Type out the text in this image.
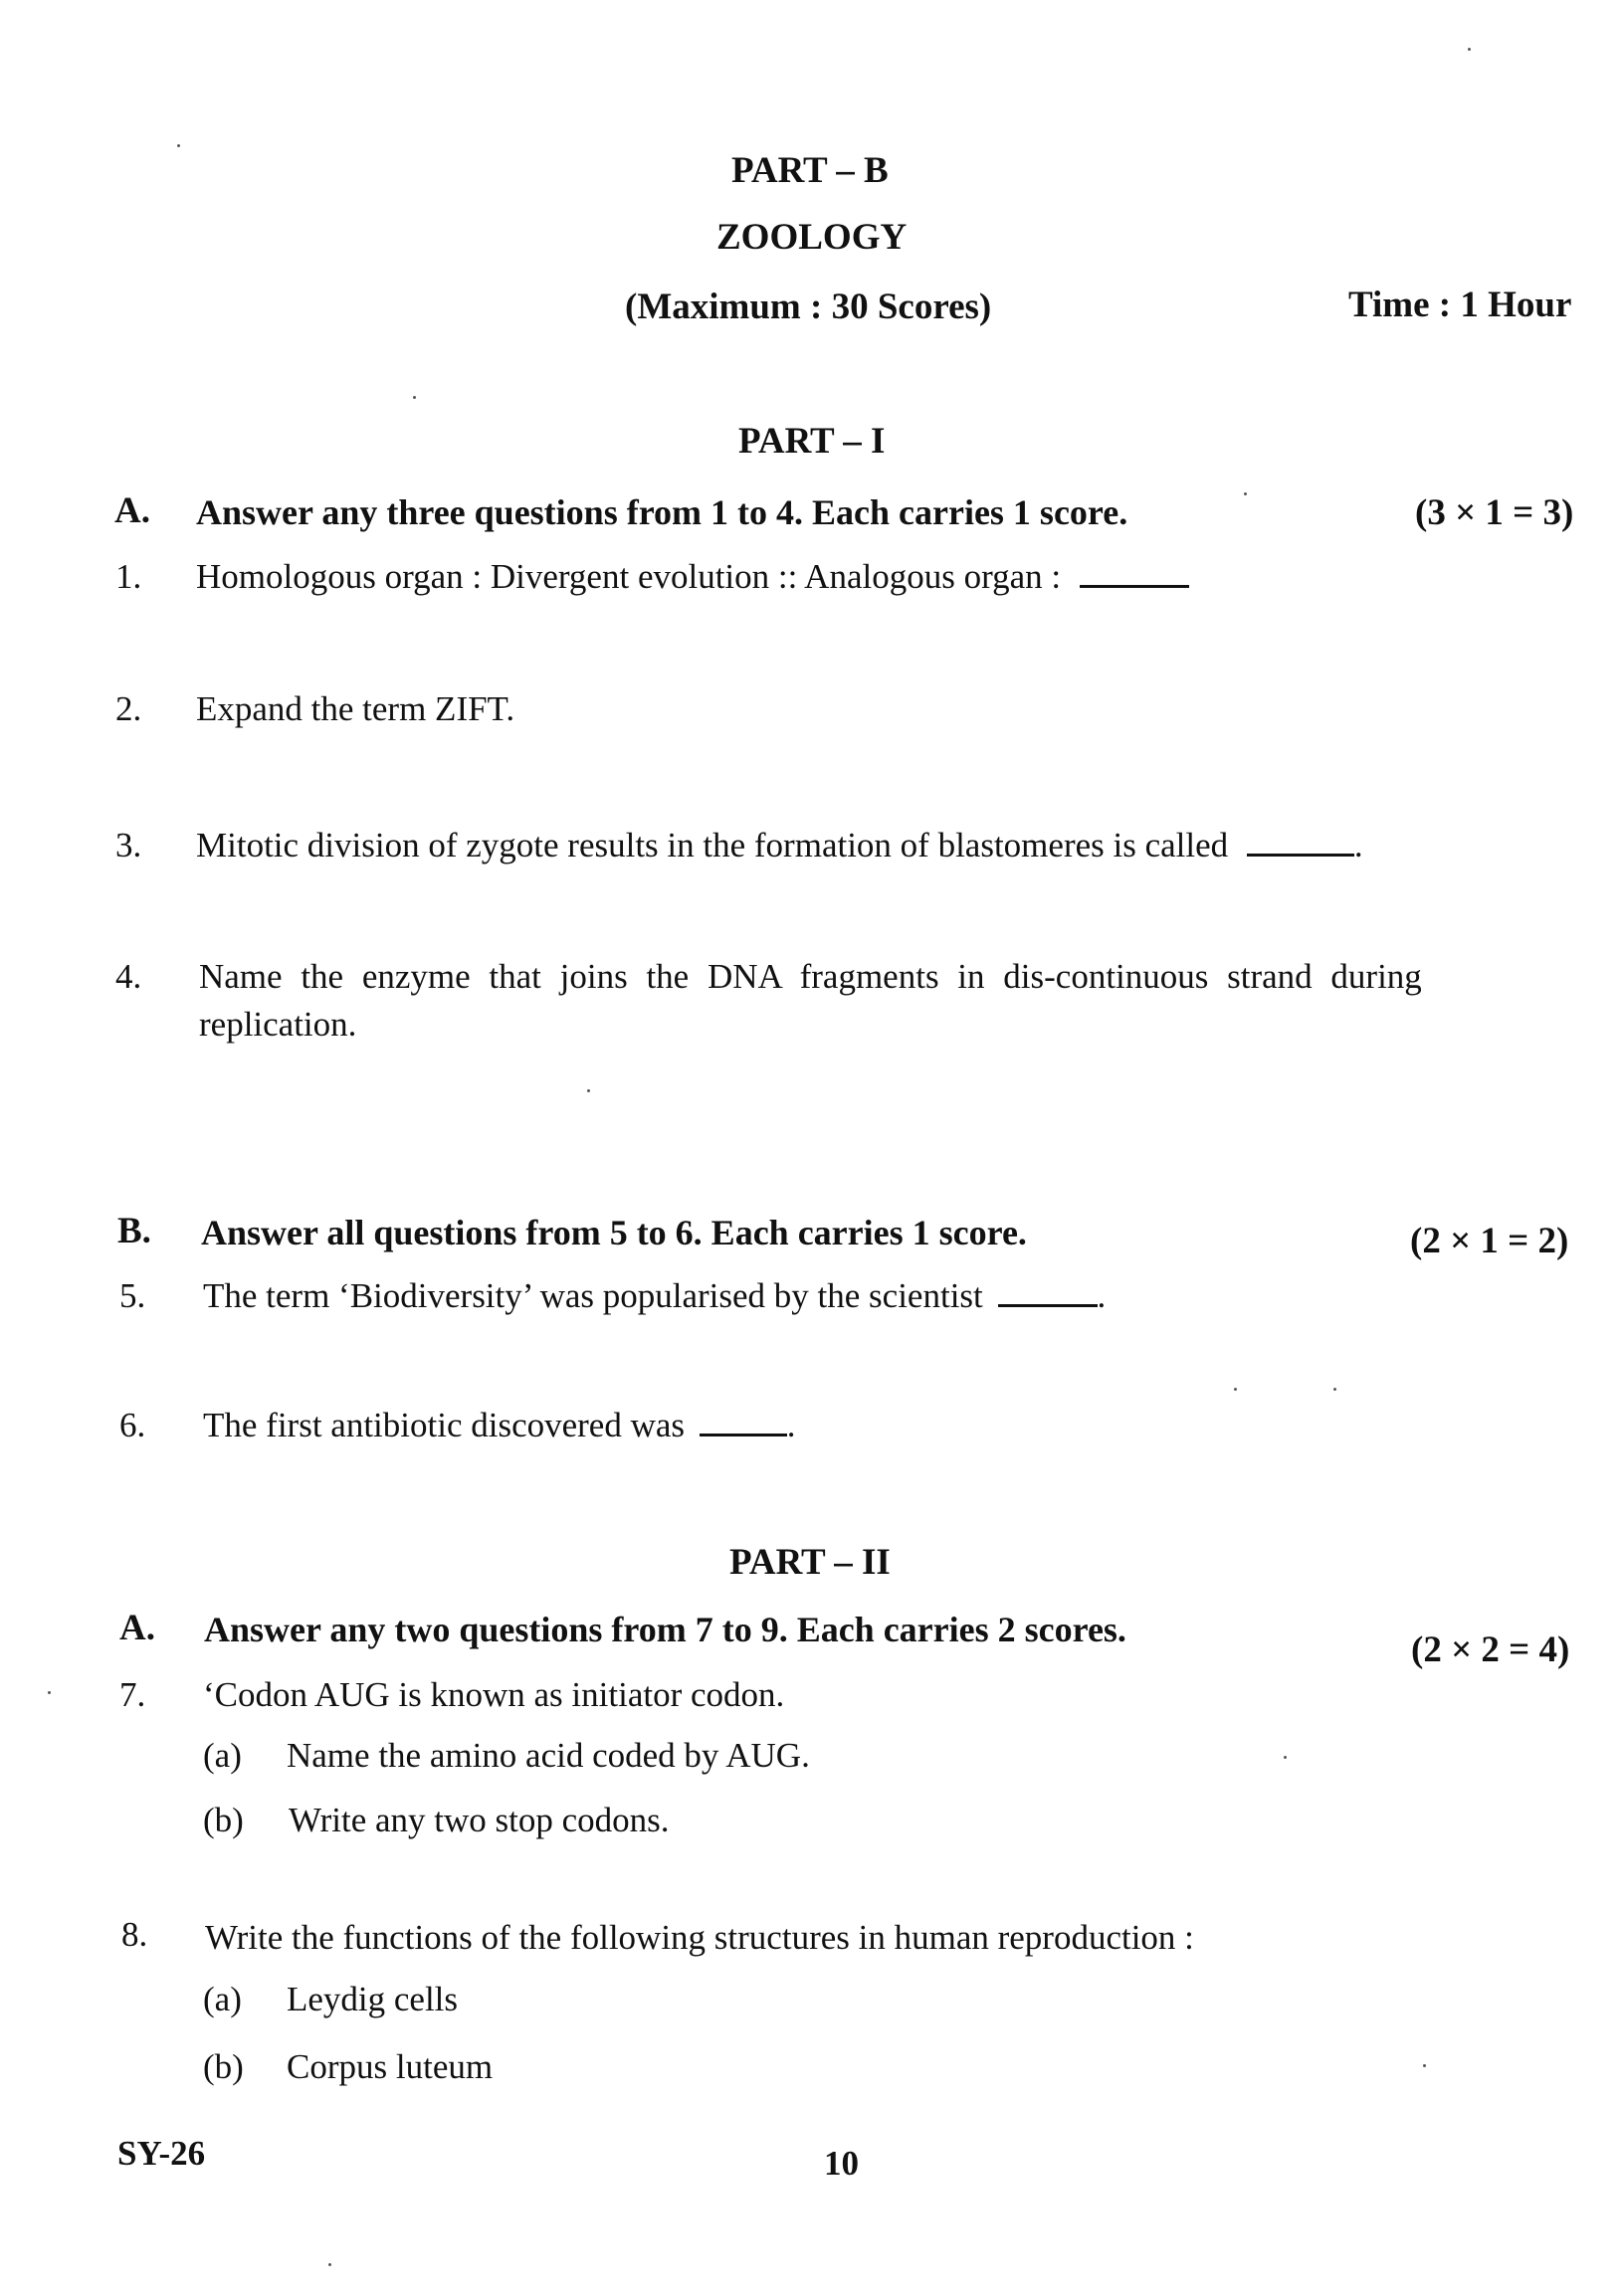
PART – B
ZOOLOGY
(Maximum : 30 Scores)	Time : 1 Hour
PART – I
A. Answer any three questions from 1 to 4. Each carries 1 score.	(3 × 1 = 3)
1. Homologous organ : Divergent evolution :: Analogous organ :
2. Expand the term ZIFT.
3. Mitotic division of zygote results in the formation of blastomeres is called	.
4. Name the enzyme that joins the DNA fragments in dis-continuous strand during
replication.
B. Answer all questions from 5 to 6. Each carries 1 score.	(2 × 1 = 2)
5. The term ‘Biodiversity’ was popularised by the scientist	.
6. The first antibiotic discovered was	.
PART – II
A. Answer any two questions from 7 to 9. Each carries 2 scores.	(2 × 2 = 4)
7. ‘Codon AUG is known as initiator codon.
(a) Name the amino acid coded by AUG.
(b) Write any two stop codons.
8. Write the functions of the following structures in human reproduction :
(a) Leydig cells
(b) Corpus luteum
SY-26	10
